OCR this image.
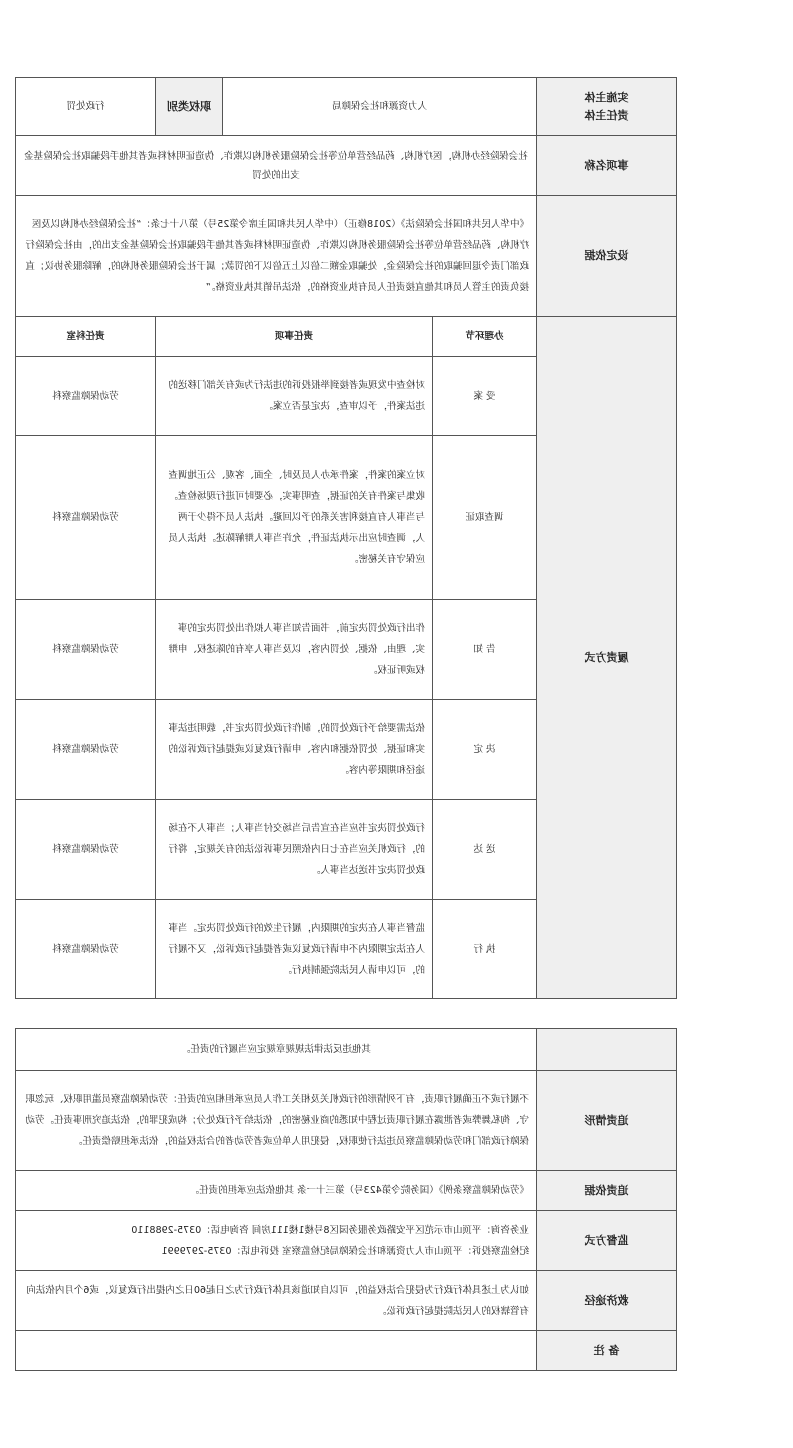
实施主体
责任主体	人力资源和社会保障局		职权类别	行政处罚
事项名称	社会保险经办机构，医疗机构、药品经营单位等社会保险服务机构以欺诈、伪造证明材料或者其他手段骗取社会保险基金支出的处罚			
设定依据	《中华人民共和国社会保险法》（2018修正）（中华人民共和国主席令第25号）第八十七条：“社会保险经办机构以及医疗机构、药品经营单位等社会保险服务机构以欺诈、伪造证明材料或者其他手段骗取社会保险基金支出的，由社会保险行政部门责令退回骗取的社会保险金，处骗取金额二倍以上五倍以下的罚款；属于社会保险服务机构的，解除服务协议；直接负责的主管人员和其他直接责任人员有执业资格的，依法吊销其执业资格。”			
履责方式	办理环节	责任事项		责任科室
	受 案	对检查中发现或者接到举报投诉的违法行为或有关部门移送的违法案件，予以审查，决定是否立案。		劳动保障监察科
	调查取证	对立案的案件，案件承办人员及时、全面、客观、公正地调查收集与案件有关的证据，查明事实，必要时可进行现场检查。与当事人有直接利害关系的予以回避。执法人员不得少于两人，调查时应出示执法证件，允许当事人辩解陈述。执法人员应保守有关秘密。		劳动保障监察科
	告 知	作出行政处罚决定前，书面告知当事人拟作出处罚决定的事实、理由、依据、处罚内容，以及当事人享有的陈述权、申辩权或听证权。		劳动保障监察科
	决 定	依法需要给予行政处罚的，制作行政处罚决定书，载明违法事实和证据、处罚依据和内容、申请行政复议或提起行政诉讼的途径和期限等内容。		劳动保障监察科
	送 达	行政处罚决定书应当在宣告后当场交付当事人；当事人不在场的，行政机关应当在七日内依照民事诉讼法的有关规定，将行政处罚决定书送达当事人。		劳动保障监察科
	执 行	监督当事人在决定的期限内，履行生效的行政处罚决定。当事人在法定期限内不申请行政复议或者提起行政诉讼，又不履行的，可以申请人民法院强制执行。		劳动保障监察科
	其他违反法律法规规章规定应当履行的责任。
追责情形	不履行或不正确履行职责，有下列情形的行政机关及相关工作人员应承担相应的责任：劳动保障监察员滥用职权、玩忽职守、徇私舞弊或者泄露在履行职责过程中知悉的商业秘密的，依法给予行政处分；构成犯罪的，依法追究刑事责任。劳动保障行政部门和劳动保障监察员违法行使职权，侵犯用人单位或者劳动者的合法权益的，依法承担赔偿责任。
追责依据	《劳动保障监察条例》（国务院令第423号）第三十一条 其他依法应承担的责任。
监督方式	业务咨询：平顶山市示范区平安路政务服务园区8号楼1楼111房间 咨询电话：0375-2988110
纪检监察投诉：平顶山市人力资源和社会保障局纪检监察室 投诉电话：0375-2979991

救济途径	如认为上述具体行政行为侵犯合法权益的，可以自知道该具体行政行为之日起60日之内提出行政复议，或6个月内依法向有管辖权的人民法院提起行政诉讼。
备 注	
